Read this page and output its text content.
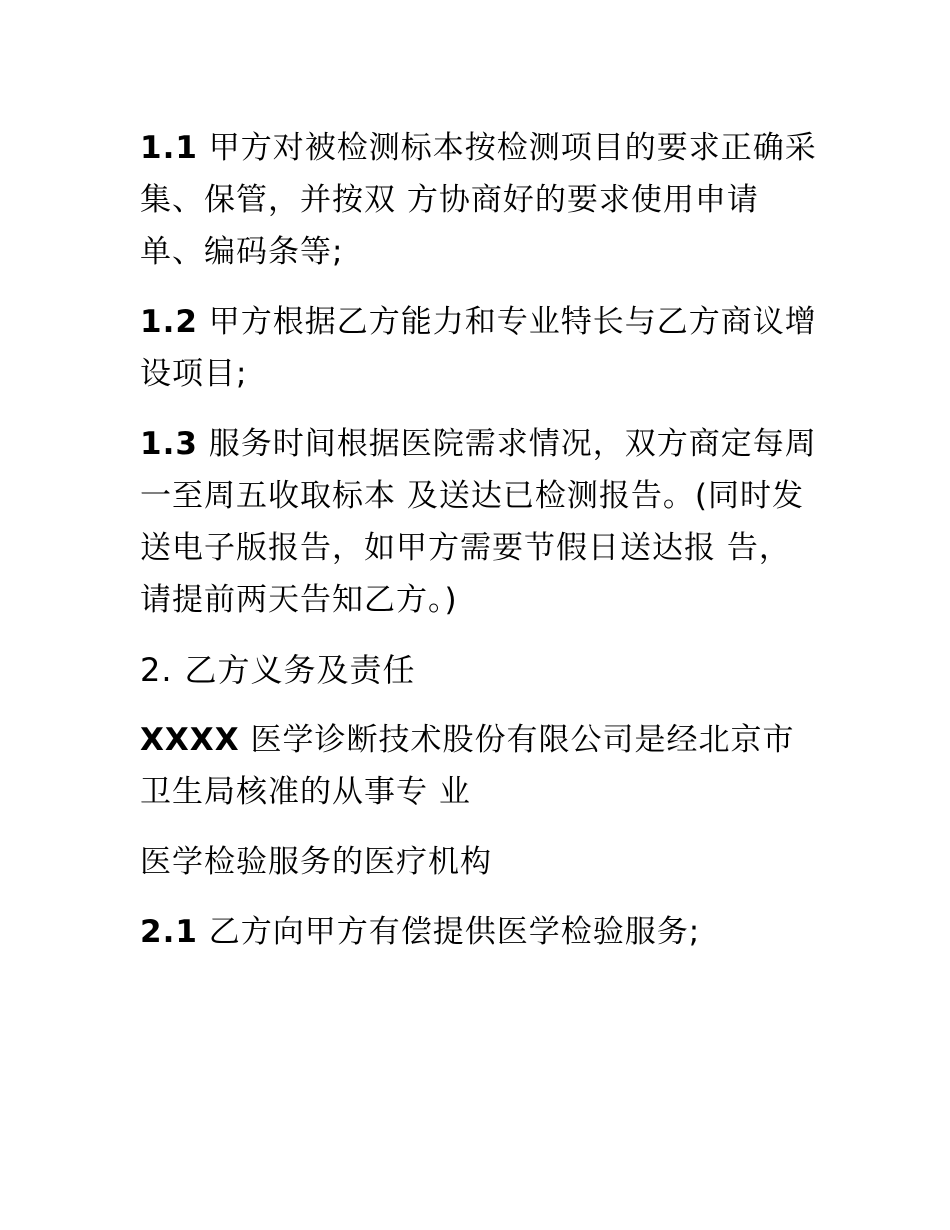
1.1 甲方对被检测标本按检测项目的要求正确采集、保管，并按双 方协商好的要求使用申请单、编码条等;

1.2 甲方根据乙方能力和专业特长与乙方商议增设项目;

1.3 服务时间根据医院需求情况，双方商定每周一至周五收取标本 及送达已检测报告。(同时发送电子版报告，如甲方需要节假日送达报 告，请提前两天告知乙方。)

2. 乙方义务及责任

XXXX 医学诊断技术股份有限公司是经北京市卫生局核准的从事专 业

医学检验服务的医疗机构

2.1 乙方向甲方有偿提供医学检验服务;
